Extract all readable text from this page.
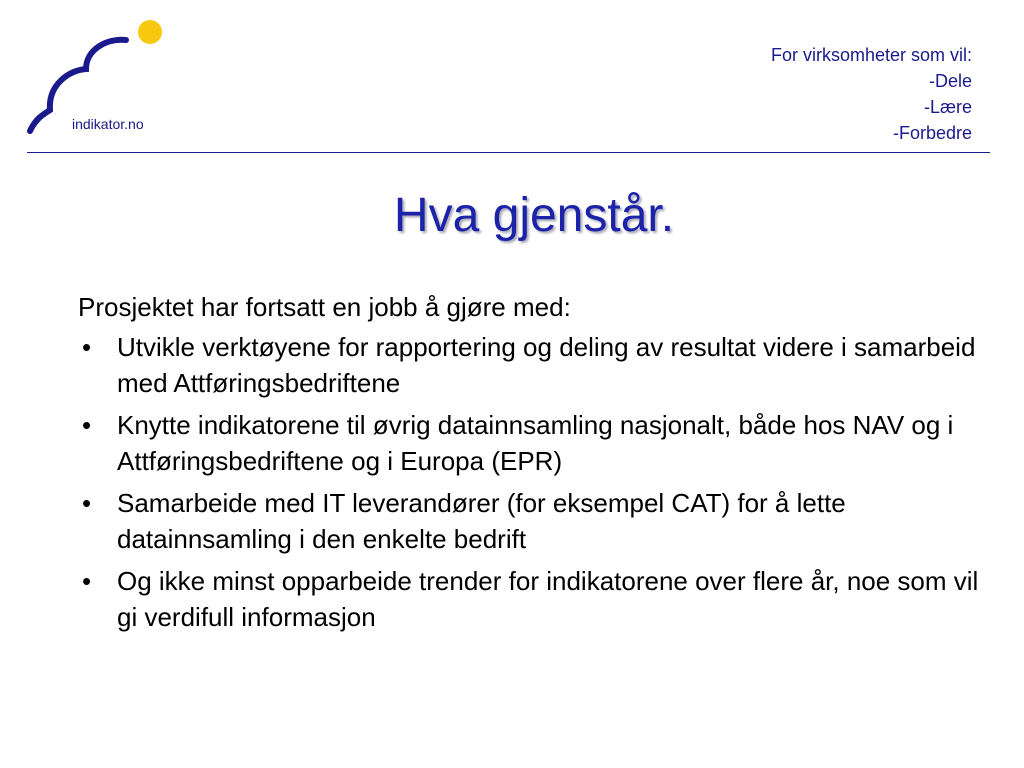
indikator.no
For virksomheter som vil:
-Dele
-Lære
-Forbedre
Hva gjenstår.

Prosjektet har fortsatt en jobb å gjøre med:

• Utvikle verktøyene for rapportering og deling av resultat videre i samarbeid med Attføringsbedriftene
• Knytte indikatorene til øvrig datainnsamling nasjonalt, både hos NAV og i Attføringsbedriftene og i Europa (EPR)
• Samarbeide med IT leverandører (for eksempel CAT) for å lette datainnsamling i den enkelte bedrift
• Og ikke minst opparbeide trender for indikatorene over flere år, noe som vil gi verdifull informasjon
